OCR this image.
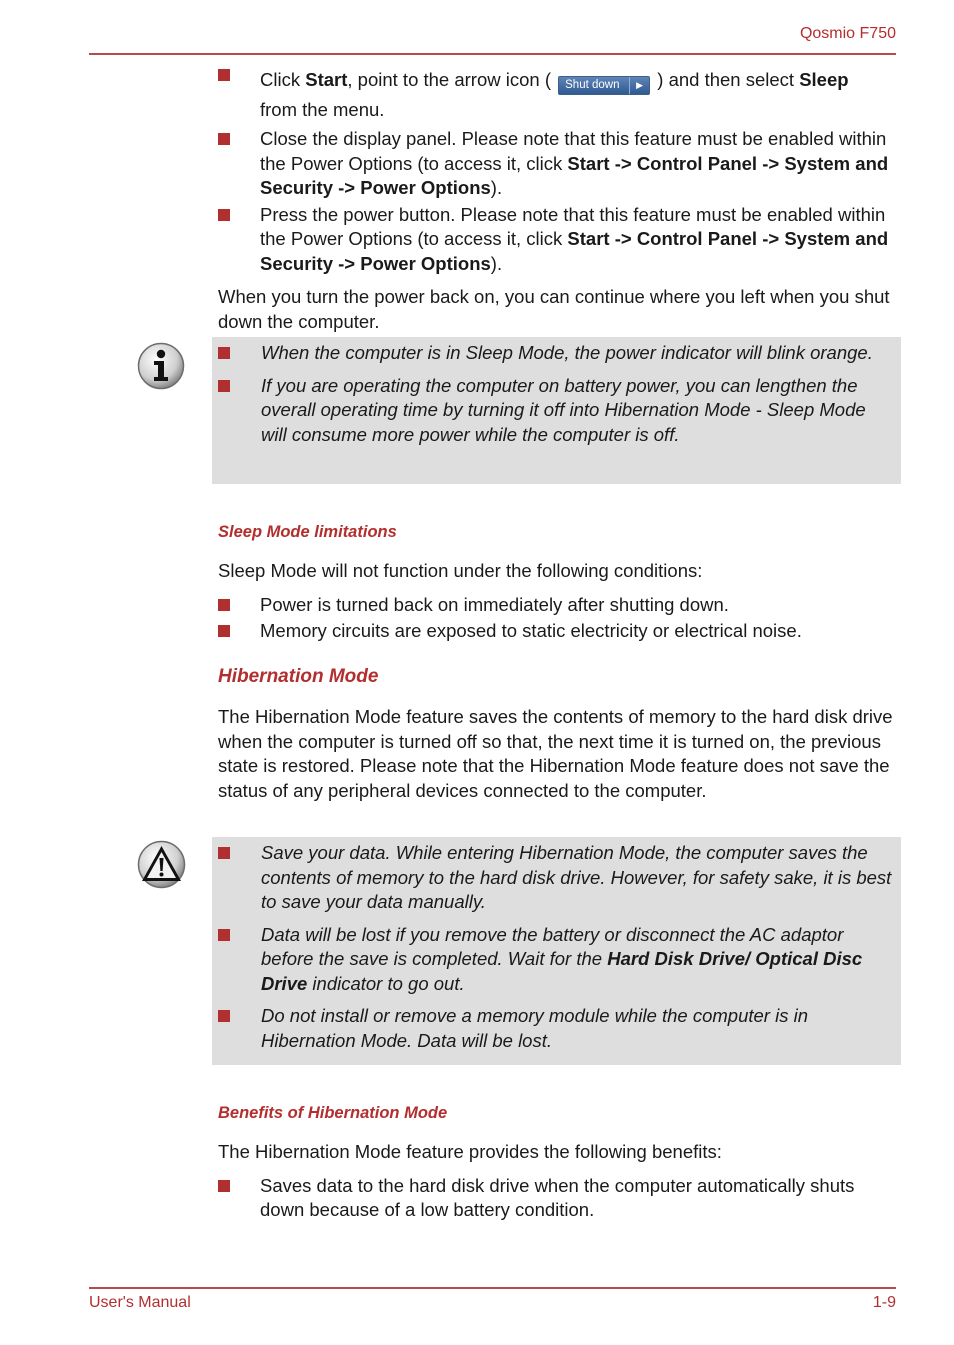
Qosmio F750
Click Start, point to the arrow icon ( Shut down	▶ ) and then select Sleep
from the menu.
Close the display panel. Please note that this feature must be enabled within the Power Options (to access it, click Start -> Control Panel -> System and Security -> Power Options).
Press the power button. Please note that this feature must be enabled within the Power Options (to access it, click Start -> Control Panel -> System and Security -> Power Options).

When you turn the power back on, you can continue where you left when you shut down the computer.

When the computer is in Sleep Mode, the power indicator will blink orange.
If you are operating the computer on battery power, you can lengthen the overall operating time by turning it off into Hibernation Mode - Sleep Mode will consume more power while the computer is off.
Sleep Mode limitations

Sleep Mode will not function under the following conditions:

Power is turned back on immediately after shutting down.
Memory circuits are exposed to static electricity or electrical noise.
Hibernation Mode

The Hibernation Mode feature saves the contents of memory to the hard disk drive when the computer is turned off so that, the next time it is turned on, the previous state is restored. Please note that the Hibernation Mode feature does not save the status of any peripheral devices connected to the computer.

Save your data. While entering Hibernation Mode, the computer saves the contents of memory to the hard disk drive. However, for safety sake, it is best to save your data manually.
Data will be lost if you remove the battery or disconnect the AC adaptor before the save is completed. Wait for the Hard Disk Drive/ Optical Disc Drive indicator to go out.
Do not install or remove a memory module while the computer is in Hibernation Mode. Data will be lost.
Benefits of Hibernation Mode

The Hibernation Mode feature provides the following benefits:

Saves data to the hard disk drive when the computer automatically shuts down because of a low battery condition.
User's Manual	1-9
